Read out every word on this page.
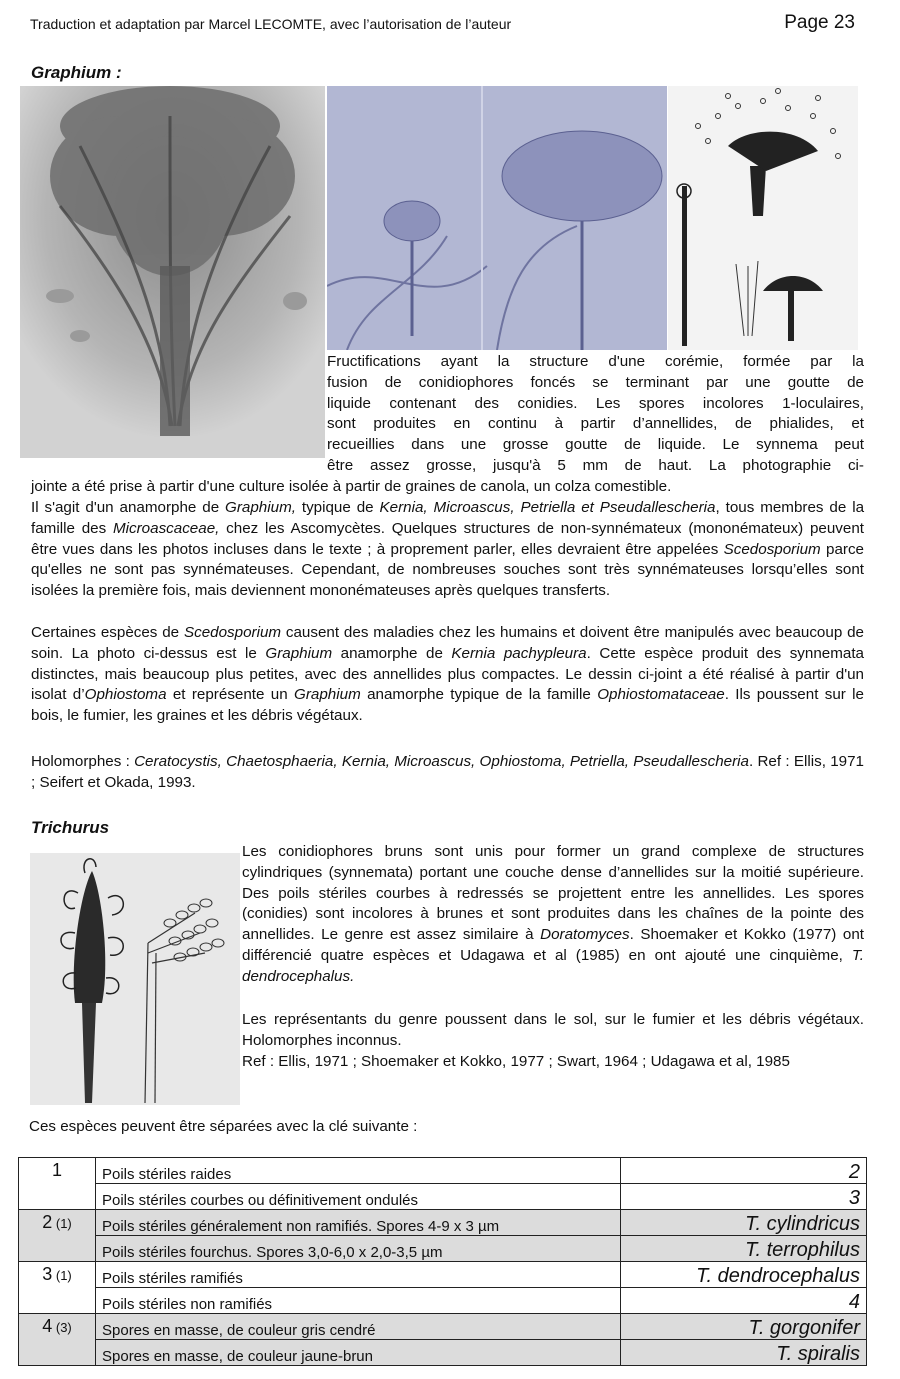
Traduction et adaptation par Marcel LECOMTE, avec l’autorisation de l’auteur	Page 23
Graphium :
Fructifications ayant la structure d'une corémie, formée par la
fusion de conidiophores foncés se terminant par une goutte de
liquide contenant des conidies. Les spores incolores 1-loculaires,
sont produites en continu à partir d’annellides, de phialides, et
recueillies dans une grosse goutte de liquide. Le synnema peut
être assez grosse, jusqu'à 5 mm de haut. La photographie ci-
jointe a été prise à partir d'une culture isolée à partir de graines de canola, un colza comestible.
Il s'agit d'un anamorphe de Graphium, typique de Kernia, Microascus, Petriella et Pseudallescheria, tous membres de la famille des Microascaceae, chez les Ascomycètes. Quelques structures de non-synnémateux (mononémateux) peuvent être vues dans les photos incluses dans le texte ; à proprement parler, elles devraient être appelées Scedosporium parce qu'elles ne sont pas synnémateuses. Cependant, de nombreuses souches sont très synnémateuses lorsqu’elles sont isolées la première fois, mais deviennent mononémateuses après quelques transferts.
Certaines espèces de Scedosporium causent des maladies chez les humains et doivent être manipulés avec beaucoup de soin. La photo ci-dessus est le Graphium anamorphe de Kernia pachypleura. Cette espèce produit des synnemata distinctes, mais beaucoup plus petites, avec des annellides plus compactes. Le dessin ci-joint a été réalisé à partir d'un isolat d’Ophiostoma et représente un Graphium anamorphe typique de la famille Ophiostomataceae. Ils poussent sur le bois, le fumier, les graines et les débris végétaux.
Holomorphes : Ceratocystis, Chaetosphaeria, Kernia, Microascus, Ophiostoma, Petriella, Pseudallescheria. Ref : Ellis, 1971 ; Seifert et Okada, 1993.
Trichurus
Les conidiophores bruns sont unis pour former un grand complexe de structures cylindriques (synnemata) portant une couche dense d’annellides sur la moitié supérieure. Des poils stériles courbes à redressés se projettent entre les annellides. Les spores (conidies) sont incolores à brunes et sont produites dans les chaînes de la pointe des annellides. Le genre est assez similaire à Doratomyces. Shoemaker et Kokko (1977) ont différencié quatre espèces et Udagawa et al (1985) en ont ajouté une cinquième, T. dendrocephalus.
Les représentants du genre poussent dans le sol, sur le fumier et les débris végétaux. Holomorphes inconnus.
Ref : Ellis, 1971 ; Shoemaker et Kokko, 1977 ; Swart, 1964 ; Udagawa et al, 1985
Ces espèces peuvent être séparées avec la clé suivante :
1	Poils stériles raides	2
	Poils stériles courbes ou définitivement ondulés	3
2 (1)	Poils stériles généralement non ramifiés. Spores 4-9 x 3 µm	T. cylindricus
	Poils stériles fourchus. Spores 3,0-6,0 x 2,0-3,5 µm	T. terrophilus
3 (1)	Poils stériles ramifiés	T. dendrocephalus
	Poils stériles non ramifiés	4
4 (3)	Spores en masse, de couleur gris cendré	T. gorgonifer
	Spores en masse, de couleur jaune-brun	T. spiralis
